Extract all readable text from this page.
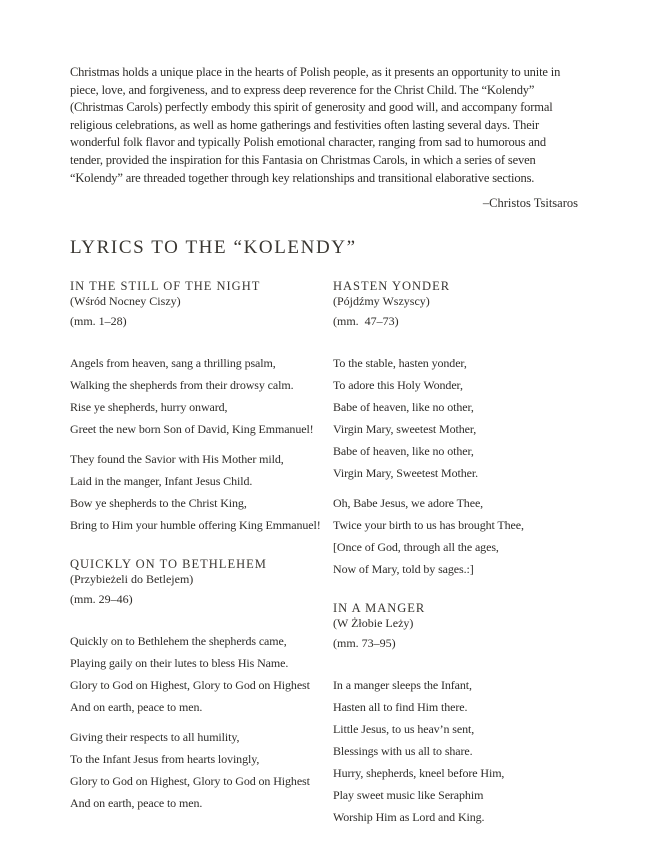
Christmas holds a unique place in the hearts of Polish people, as it presents an opportunity to unite in piece, love, and forgiveness, and to express deep reverence for the Christ Child. The “Kolendy” (Christmas Carols) perfectly embody this spirit of generosity and good will, and accompany formal religious celebrations, as well as home gatherings and festivities often lasting several days. Their wonderful folk flavor and typically Polish emotional character, ranging from sad to humorous and tender, provided the inspiration for this Fantasia on Christmas Carols, in which a series of seven  “Kolendy” are threaded together through key relationships and transitional elaborative sections.

–Christos Tsitsaros

LYRICS TO THE “KOLENDY”
IN THE STILL OF THE NIGHT
(Wśród Nocney Ciszy)
(mm. 1–28)
Angels from heaven, sang a thrilling psalm,
Walking the shepherds from their drowsy calm.
Rise ye shepherds, hurry onward,
Greet the new born Son of David, King Emmanuel!
They found the Savior with His Mother mild,
Laid in the manger, Infant Jesus Child.
Bow ye shepherds to the Christ King,
Bring to Him your humble offering King Emmanuel!
QUICKLY ON TO BETHLEHEM
(Przybieżeli do Betlejem)
(mm. 29–46)
Quickly on to Bethlehem the shepherds came,
Playing gaily on their lutes to bless His Name.
Glory to God on Highest, Glory to God on Highest
And on earth, peace to men.
Giving their respects to all humility,
To the Infant Jesus from hearts lovingly,
Glory to God on Highest, Glory to God on Highest
And on earth, peace to men.
HASTEN YONDER
(Pójdźmy Wszyscy)
(mm.  47–73)
To the stable, hasten yonder,
To adore this Holy Wonder,
Babe of heaven, like no other,
Virgin Mary, sweetest Mother,
Babe of heaven, like no other,
Virgin Mary, Sweetest Mother.
Oh, Babe Jesus, we adore Thee,
Twice your birth to us has brought Thee,
[Once of God, through all the ages,
Now of Mary, told by sages.:]
IN A MANGER
(W Żłobie Leży)
(mm. 73–95)
In a manger sleeps the Infant,
Hasten all to find Him there.
Little Jesus, to us heav’n sent,
Blessings with us all to share.
Hurry, shepherds, kneel before Him,
Play sweet music like Seraphim
Worship Him as Lord and King.
